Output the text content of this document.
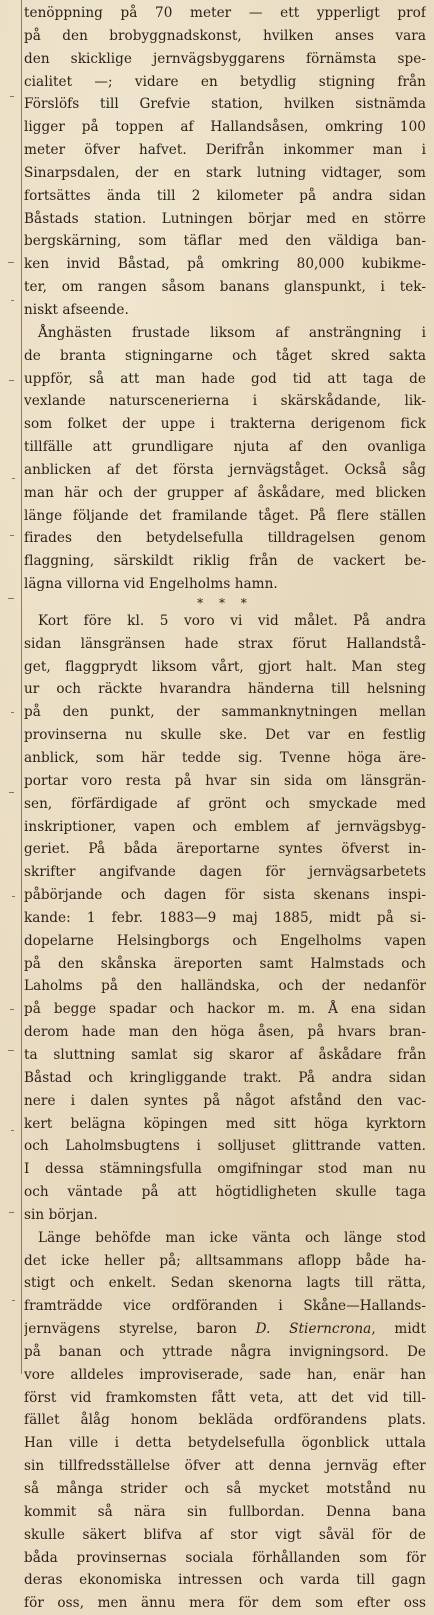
tenöppning på 70 meter — ett ypperligt prof
på den brobyggnadskonst, hvilken anses vara
den skicklige jernvägsbyggarens förnämsta spe-
cialitet —; vidare en betydlig stigning från
Förslöfs till Grefvie station, hvilken sistnämda
ligger på toppen af Hallandsåsen, omkring 100
meter öfver hafvet. Derifrån inkommer man i
Sinarpsdalen, der en stark lutning vidtager, som
fortsättes ända till 2 kilometer på andra sidan
Båstads station. Lutningen börjar med en större
bergskärning, som täflar med den väldiga ban-
ken invid Båstad, på omkring 80,000 kubikme-
ter, om rangen såsom banans glanspunkt, i tek-
niskt afseende.
Ånghästen frustade liksom af ansträngning i
de branta stigningarne och tåget skred sakta
uppför, så att man hade god tid att taga de
vexlande naturscenerierna i skärskådande, lik-
som folket der uppe i trakterna derigenom fick
tillfälle att grundligare njuta af den ovanliga
anblicken af det första jernvägståget. Också såg
man här och der grupper af åskådare, med blicken
länge följande det framilande tåget. På flere ställen
firades den betydelsefulla tilldragelsen genom
flaggning, särskildt riklig från de vackert be-
lägna villorna vid Engelholms hamn.
* * *
Kort före kl. 5 voro vi vid målet. På andra
sidan länsgränsen hade strax förut Hallandstå-
get, flaggprydt liksom vårt, gjort halt. Man steg
ur och räckte hvarandra händerna till helsning
på den punkt, der sammanknytningen mellan
provinserna nu skulle ske. Det var en festlig
anblick, som här tedde sig. Tvenne höga äre-
portar voro resta på hvar sin sida om länsgrän-
sen, förfärdigade af grönt och smyckade med
inskriptioner, vapen och emblem af jernvägsbyg-
geriet. På båda äreportarne syntes öfverst in-
skrifter angifvande dagen för jernvägsarbetets
påbörjande och dagen för sista skenans inspi-
kande: 1 febr. 1883—9 maj 1885, midt på si-
dopelarne Helsingborgs och Engelholms vapen
på den skånska äreporten samt Halmstads och
Laholms på den halländska, och der nedanför
på begge spadar och hackor m. m. Å ena sidan
derom hade man den höga åsen, på hvars bran-
ta sluttning samlat sig skaror af åskådare från
Båstad och kringliggande trakt. På andra sidan
nere i dalen syntes på något afstånd den vac-
kert belägna köpingen med sitt höga kyrktorn
och Laholmsbugtens i solljuset glittrande vatten.
I dessa stämningsfulla omgifningar stod man nu
och väntade på att högtidligheten skulle taga
sin början.
Länge behöfde man icke vänta och länge stod
det icke heller på; alltsammans aflopp både ha-
stigt och enkelt. Sedan skenorna lagts till rätta,
framträdde vice ordföranden i Skåne—Hallands-
jernvägens styrelse, baron D. Stierncrona, midt
på banan och yttrade några invigningsord. De
vore alldeles improviserade, sade han, enär han
först vid framkomsten fått veta, att det vid till-
fället ålåg honom bekläda ordförandens plats.
Han ville i detta betydelsefulla ögonblick uttala
sin tillfredsställelse öfver att denna jernväg efter
så många strider och så mycket motstånd nu
kommit så nära sin fullbordan. Denna bana
skulle säkert blifva af stor vigt såväl för de
båda provinsernas sociala förhållanden som för
deras ekonomiska intressen och varda till gagn
för oss, men ännu mera för dem som efter oss
